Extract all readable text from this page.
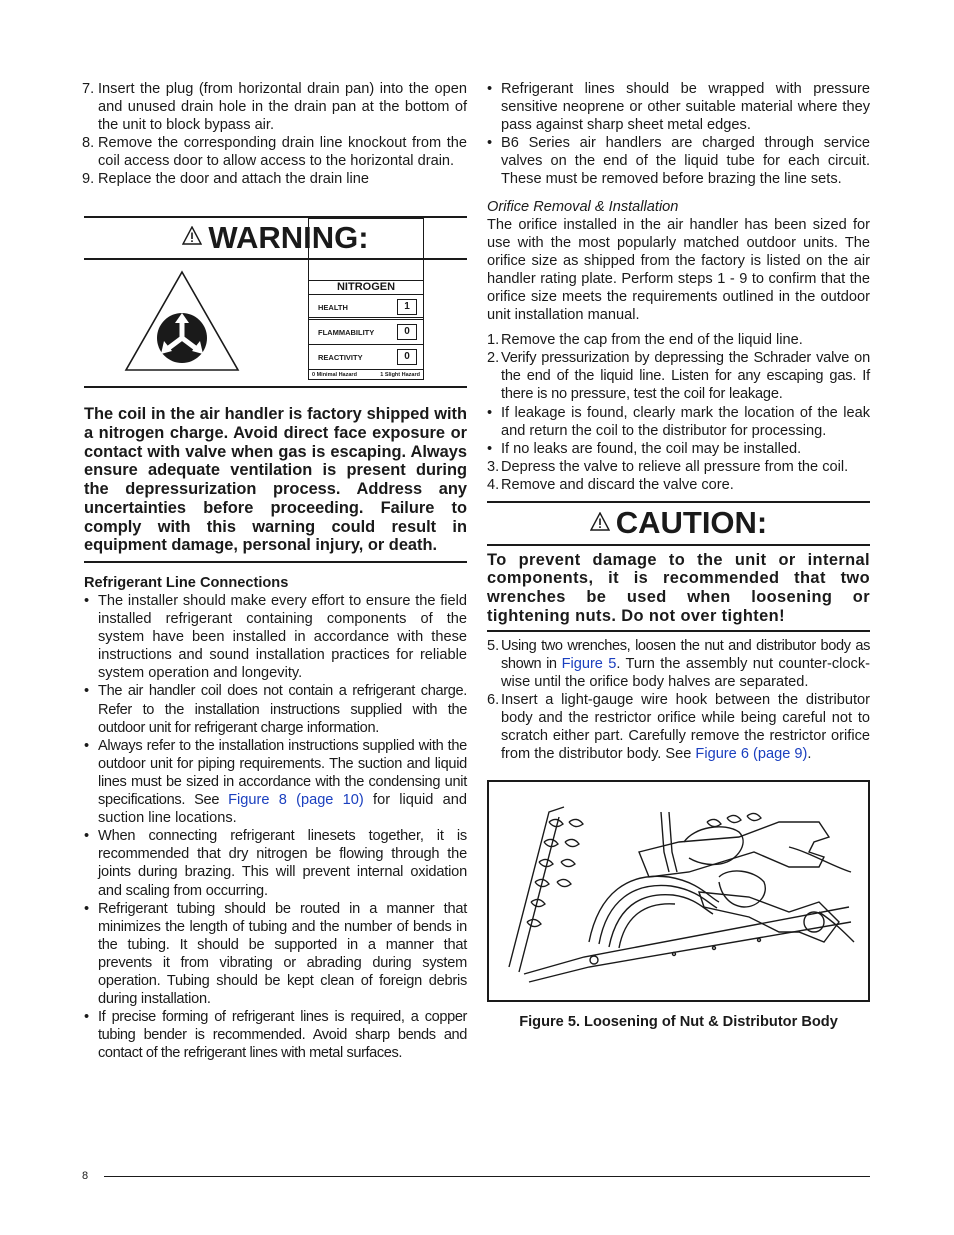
7. Insert the plug (from horizontal drain pan) into the open and unused drain hole in the drain pan at the bottom of the unit to block bypass air.
8. Remove the corresponding drain line knockout from the coil access door to allow access to the horizontal drain.
9. Replace the door and attach the drain line
WARNING:
NITROGEN
HEALTH	1
FLAMMABILITY	0
REACTIVITY	0
0 Minimal Hazard	1 Slight Hazard

The coil in the air handler is factory shipped with a nitrogen charge. Avoid direct face exposure or contact with valve when gas is escaping. Always ensure adequate ventilation is present during the depressurization process. Address any uncertainties before proceeding. Failure to comply with this warning could result in equipment damage, personal injury, or death.

Refrigerant Line Connections

• The installer should make every effort to ensure the field installed refrigerant containing components of the system have been installed in accordance with these instructions and sound installation practices for reliable system operation and longevity.
• The air handler coil does not contain a refrigerant charge. Refer to the installation instructions supplied with the outdoor unit for refrigerant charge information.
• Always refer to the installation instructions supplied with the outdoor unit for piping requirements. The suction and liquid lines must be sized in accordance with the condensing unit specifications. See Figure 8 (page 10) for liquid and suction line locations.
• When connecting refrigerant linesets together, it is recommended that dry nitrogen be flowing through the joints during brazing. This will prevent internal oxidation and scaling from occurring.
• Refrigerant tubing should be routed in a manner that minimizes the length of tubing and the number of bends in the tubing. It should be supported in a manner that prevents it from vibrating or abrading during system operation. Tubing should be kept clean of foreign debris during installation.
• If precise forming of refrigerant lines is required, a copper tubing bender is recommended. Avoid sharp bends and contact of the refrigerant lines with metal surfaces.
• Refrigerant lines should be wrapped with pressure sensitive neoprene or other suitable material where they pass against sharp sheet metal edges.
• B6 Series air handlers are charged through service valves on the end of the liquid tube for each circuit. These must be removed before brazing the line sets.

Orifice Removal & Installation

The orifice installed in the air handler has been sized for use with the most popularly matched outdoor units. The orifice size as shipped from the factory is listed on the air handler rating plate. Perform steps 1 - 9 to confirm that the orifice size meets the requirements outlined in the outdoor unit installation manual.

1. Remove the cap from the end of the liquid line.
2. Verify pressurization by depressing the Schrader valve on the end of the liquid line. Listen for any escaping gas. If there is no pressure, test the coil for leakage.
• If leakage is found, clearly mark the location of the leak and return the coil to the distributor for processing.
• If no leaks are found, the coil may be installed.
3. Depress the valve to relieve all pressure from the coil.
4. Remove and discard the valve core.
CAUTION:

To prevent damage to the unit or internal components, it is recommended that two wrenches be used when loosening or tightening nuts. Do not over tighten!

5. Using two wrenches, loosen the nut and distributor body as shown in Figure 5. Turn the assembly nut counter-clock-wise until the orifice body halves are separated.
6. Insert a light-gauge wire hook between the distributor body and the restrictor orifice while being careful not to scratch either part. Carefully remove the restrictor orifice from the distributor body. See Figure 6 (page 9).

Figure 5. Loosening of Nut & Distributor Body

8
